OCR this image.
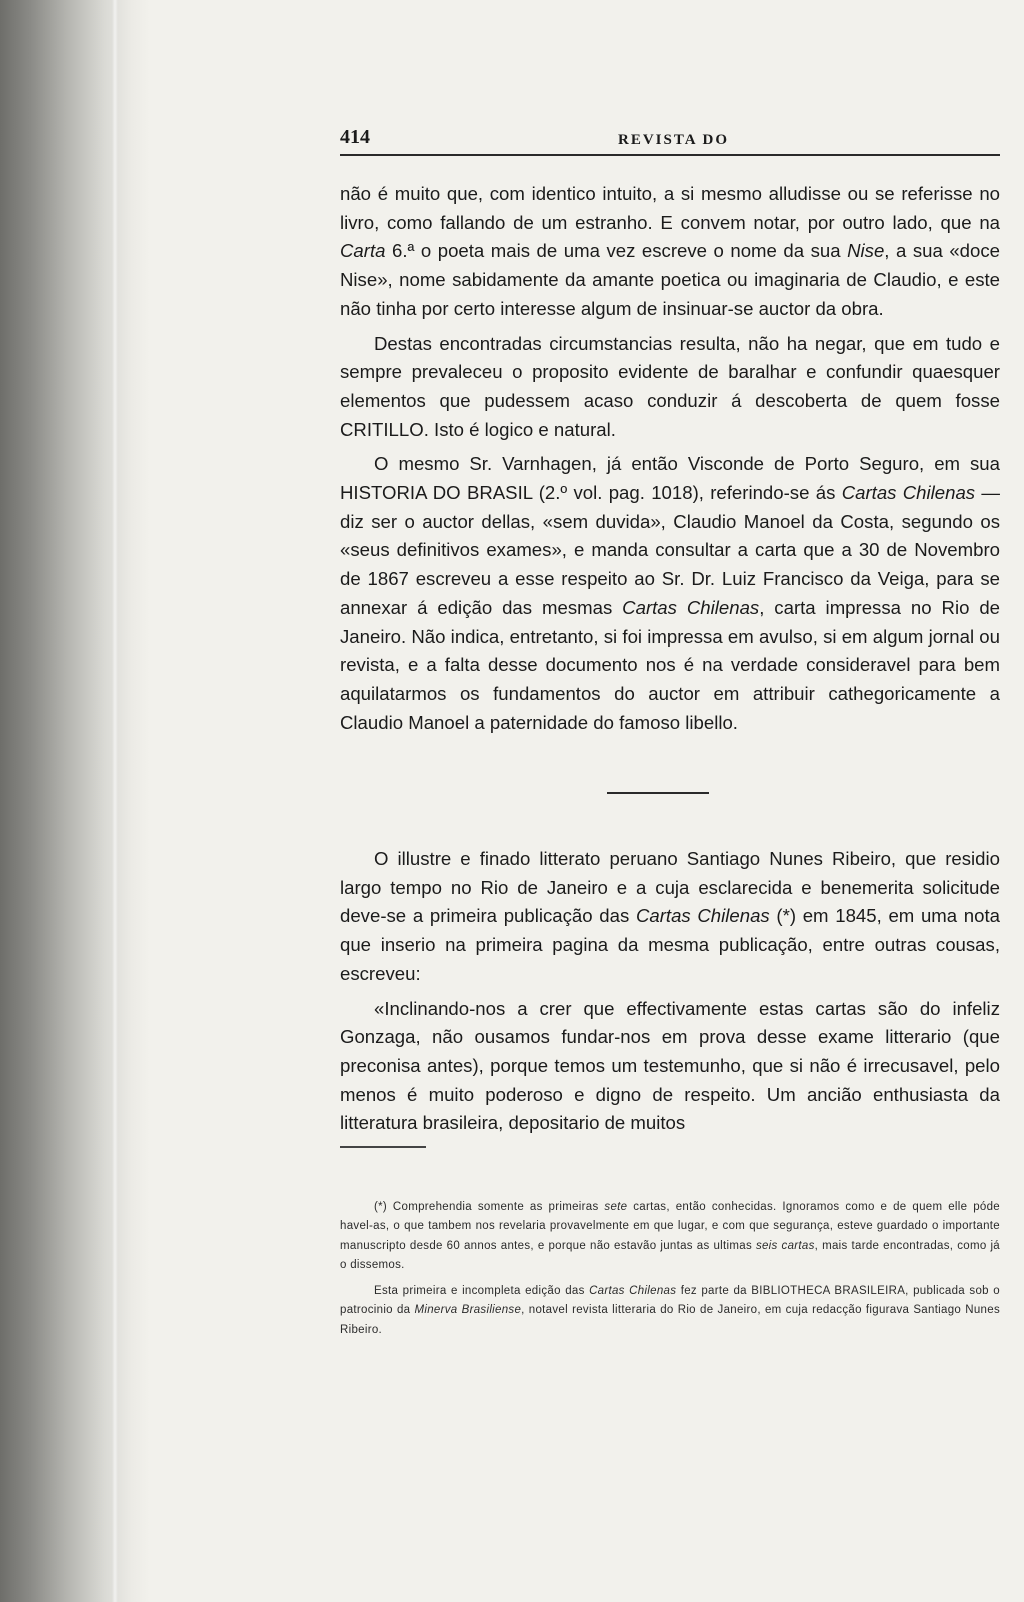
414	REVISTA DO

não é muito que, com identico intuito, a si mesmo alludisse ou se referisse no livro, como fallando de um estranho. E convem notar, por outro lado, que na Carta 6.ª o poeta mais de uma vez escreve o nome da sua Nise, a sua «doce Nise», nome sabidamente da amante poetica ou imaginaria de Claudio, e este não tinha por certo interesse algum de insinuar-se auctor da obra.

Destas encontradas circumstancias resulta, não ha negar, que em tudo e sempre prevaleceu o proposito evidente de baralhar e confundir quaesquer elementos que pudessem acaso conduzir á descoberta de quem fosse CRITILLO. Isto é logico e natural.

O mesmo Sr. Varnhagen, já então Visconde de Porto Seguro, em sua HISTORIA DO BRASIL (2.º vol. pag. 1018), referindo-se ás Cartas Chilenas — diz ser o auctor dellas, «sem duvida», Claudio Manoel da Costa, segundo os «seus definitivos exames», e manda consultar a carta que a 30 de Novembro de 1867 escreveu a esse respeito ao Sr. Dr. Luiz Francisco da Veiga, para se annexar á edição das mesmas Cartas Chilenas, carta impressa no Rio de Janeiro. Não indica, entretanto, si foi impressa em avulso, si em algum jornal ou revista, e a falta desse documento nos é na verdade consideravel para bem aquilatarmos os fundamentos do auctor em attribuir cathegoricamente a Claudio Manoel a paternidade do famoso libello.

O illustre e finado litterato peruano Santiago Nunes Ribeiro, que residio largo tempo no Rio de Janeiro e a cuja esclarecida e benemerita solicitude deve-se a primeira publicação das Cartas Chilenas (*) em 1845, em uma nota que inserio na primeira pagina da mesma publicação, entre outras cousas, escreveu:

«Inclinando-nos a crer que effectivamente estas cartas são do infeliz Gonzaga, não ousamos fundar-nos em prova desse exame litterario (que preconisa antes), porque temos um testemunho, que si não é irrecusavel, pelo menos é muito poderoso e digno de respeito. Um ancião enthusiasta da litteratura brasileira, depositario de muitos

(*) Comprehendia somente as primeiras sete cartas, então conhecidas. Ignoramos como e de quem elle póde havel-as, o que tambem nos revelaria provavelmente em que lugar, e com que segurança, esteve guardado o importante manuscripto desde 60 annos antes, e porque não estavão juntas as ultimas seis cartas, mais tarde encontradas, como já o dissemos.

Esta primeira e incompleta edição das Cartas Chilenas fez parte da BIBLIOTHECA BRASILEIRA, publicada sob o patrocinio da Minerva Brasiliense, notavel revista litteraria do Rio de Janeiro, em cuja redacção figurava Santiago Nunes Ribeiro.
